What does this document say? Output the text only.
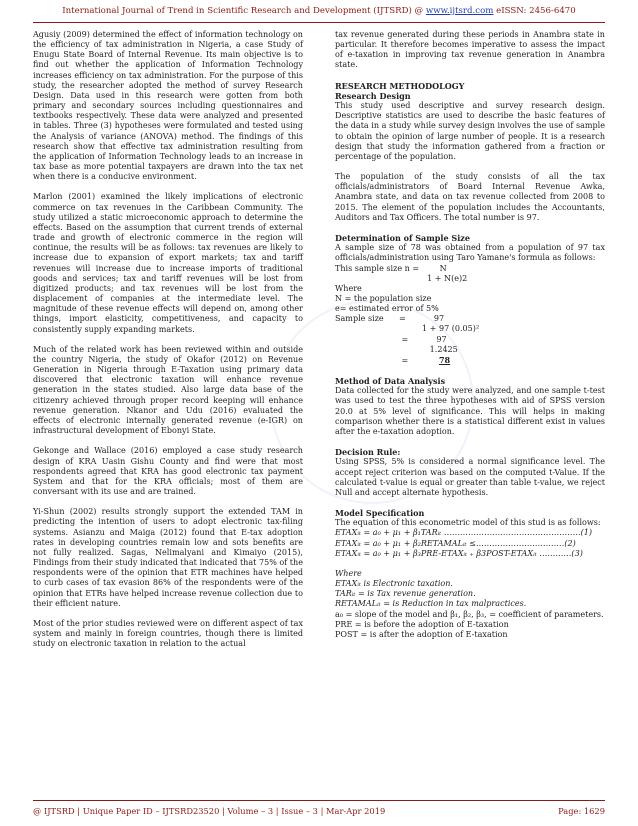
International Journal of Trend in Scientific Research and Development (IJTSRD) @ www.ijtsrd.com eISSN: 2456-6470

Agusiy (2009) determined the effect of information technology on the efficiency of tax administration in Nigeria, a case Study of Enugu State Board of Internal Revenue. Its main objective is to find out whether the application of Information Technology increases efficiency on tax administration. For the purpose of this study, the researcher adopted the method of survey Research Design. Data used in this research were gotten from both primary and secondary sources including questionnaires and textbooks respectively. These data were analyzed and presented in tables. Three (3) hypotheses were formulated and tested using the Analysis of variance (ANOVA) method. The findings of this research show that effective tax administration resulting from the application of Information Technology leads to an increase in tax base as more potential taxpayers are drawn into the tax net when there is a conducive environment.

Marlon (2001) examined the likely implications of electronic commerce on tax revenues in the Caribbean Community. The study utilized a static microeconomic approach to determine the effects. Based on the assumption that current trends of external trade and growth of electronic commerce in the region will continue, the results will be as follows: tax revenues are likely to increase due to expansion of export markets; tax and tariff revenues will increase due to increase imports of traditional goods and services; tax and tariff revenues will be lost from digitized products; and tax revenues will be lost from the displacement of companies at the intermediate level. The magnitude of these revenue effects will depend on, among other things, import elasticity, competitiveness, and capacity to consistently supply expanding markets.

Much of the related work has been reviewed within and outside the country Nigeria, the study of Okafor (2012) on Revenue Generation in Nigeria through E-Taxation using primary data discovered that electronic taxation will enhance revenue generation in the states studied. Also large data base of the citizenry achieved through proper record keeping will enhance revenue generation. Nkanor and Udu (2016) evaluated the effects of electronic internally generated revenue (e-IGR) on infrastructural development of Ebonyi State.

Gekonge and Wallace (2016) employed a case study research design of KRA Uasin Gishu County and find were that most respondents agreed that KRA has good electronic tax payment System and that for the KRA officials; most of them are conversant with its use and are trained.

Yi-Shun (2002) results strongly support the extended TAM in predicting the intention of users to adopt electronic tax-filing systems. Asianzu and Maiga (2012) found that E-tax adoption rates in developing countries remain low and sots benefits are not fully realized. Sagas, Nelimalyani and Kimaiyo (2015), Findings from their study indicated that indicated that 75% of the respondents were of the opinion that ETR machines have helped to curb cases of tax evasion 86% of the respondents were of the opinion that ETRs have helped increase revenue collection due to their efficient nature.

Most of the prior studies reviewed were on different aspect of tax system and mainly in foreign countries, though there is limited study on electronic taxation in relation to the actual

tax revenue generated during these periods in Anambra state in particular. It therefore becomes imperative to assess the impact of e-taxation in improving tax revenue generation in Anambra state.

RESEARCH METHODOLOGY
Research Design

This study used descriptive and survey research design. Descriptive statistics are used to describe the basic features of the data in a study while survey design involves the use of sample to obtain the opinion of large number of people. It is a research design that study the information gathered from a fraction or percentage of the population.

The population of the study consists of all the tax officials/administrators of Board Internal Revenue Awka, Anambra state, and data on tax revenue collected from 2008 to 2015. The element of the population includes the Accountants, Auditors and Tax Officers. The total number is 97.

Determination of Sample Size
A sample size of 78 was obtained from a population of 97 tax officials/administration using Taro Yamane's formula as follows:
This sample size n =        N
1 + N(e)2
Where
N = the population size
e= estimated error of 5%
Sample size      =           97
1 + 97 (0.05)²
=           97
1.2425
=            78
Method of Data Analysis

Data collected for the study were analyzed, and one sample t-test was used to test the three hypotheses with aid of SPSS version 20.0 at 5% level of significance. This will helps in making comparison whether there is a statistical different exist in values after the e-taxation adoption.

Decision Rule:

Using SPSS, 5% is considered a normal significance level. The accept reject criterion was based on the computed t-Value. If the calculated t-value is equal or greater than table t-value, we reject Null and accept alternate hypothesis.

Model Specification
The equation of this econometric model of this stud is as follows:
ETAXᵢₜ = a₀ + μ₁ + β₁TARᵢₜ ……………………………………………(1)
ETAXᵢₜ = a₀ + μ₁ + β₂RETAMALᵢₜ ≤……………………………(2)
ETAXᵢₜ = a₀ + μ₁ + β₃PRE-ETAXᵢₜ ₊ β3POST-ETAXᵢₜ …………(3)
Where
ETAXᵢₜ is Electronic taxation.
TARᵢₜ = is Tax revenue generation.
RETAMALᵢₜ = is Reduction in tax malpractices.
a₀ = slope of the model and β₁, β₂, β₃, = coefficient of parameters.
PRE = is before the adoption of E-taxation
POST = is after the adoption of E-taxation
@ IJTSRD | Unique Paper ID – IJTSRD23520 | Volume – 3 | Issue – 3 | Mar-Apr 2019	Page: 1629
